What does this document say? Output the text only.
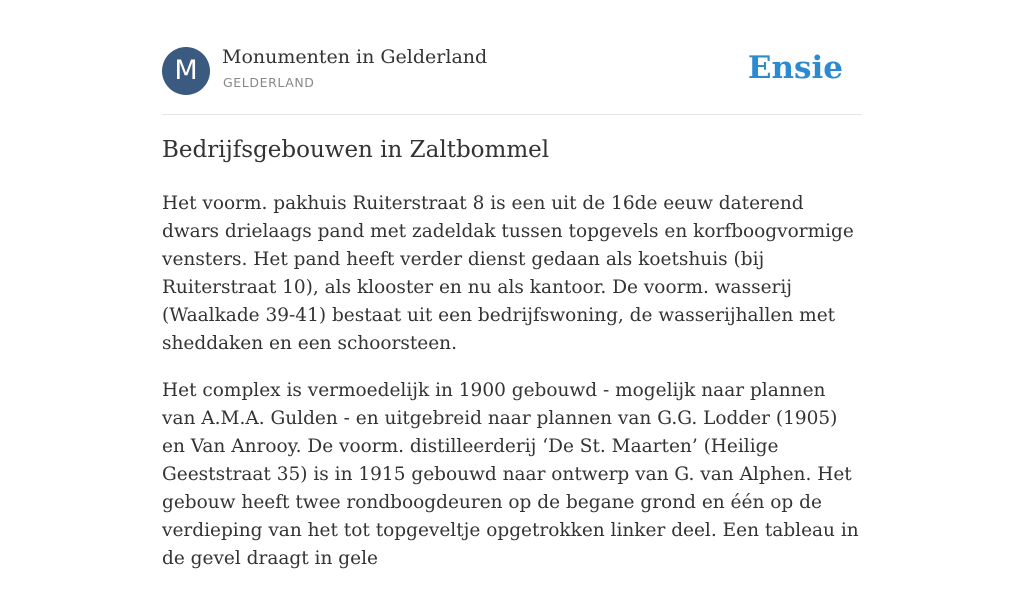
M	Monumenten in Gelderland
GELDERLAND	Ensie
Bedrijfsgebouwen in Zaltbommel

Het voorm. pakhuis Ruiterstraat 8 is een uit de 16de eeuw daterend dwars drielaags pand met zadeldak tussen topgevels en korfboogvormige vensters. Het pand heeft verder dienst gedaan als koetshuis (bij Ruiterstraat 10), als klooster en nu als kantoor. De voorm. wasserij (Waalkade 39-41) bestaat uit een bedrijfswoning, de wasserijhallen met sheddaken en een schoorsteen.

Het complex is vermoedelijk in 1900 gebouwd - mogelijk naar plannen van A.M.A. Gulden - en uitgebreid naar plannen van G.G. Lodder (1905) en Van Anrooy. De voorm. distilleerderij ‘De St. Maarten’ (Heilige Geeststraat 35) is in 1915 gebouwd naar ontwerp van G. van Alphen. Het gebouw heeft twee rondboogdeuren op de begane grond en één op de verdieping van het tot topgeveltje opgetrokken linker deel. Een tableau in de gevel draagt in gele
